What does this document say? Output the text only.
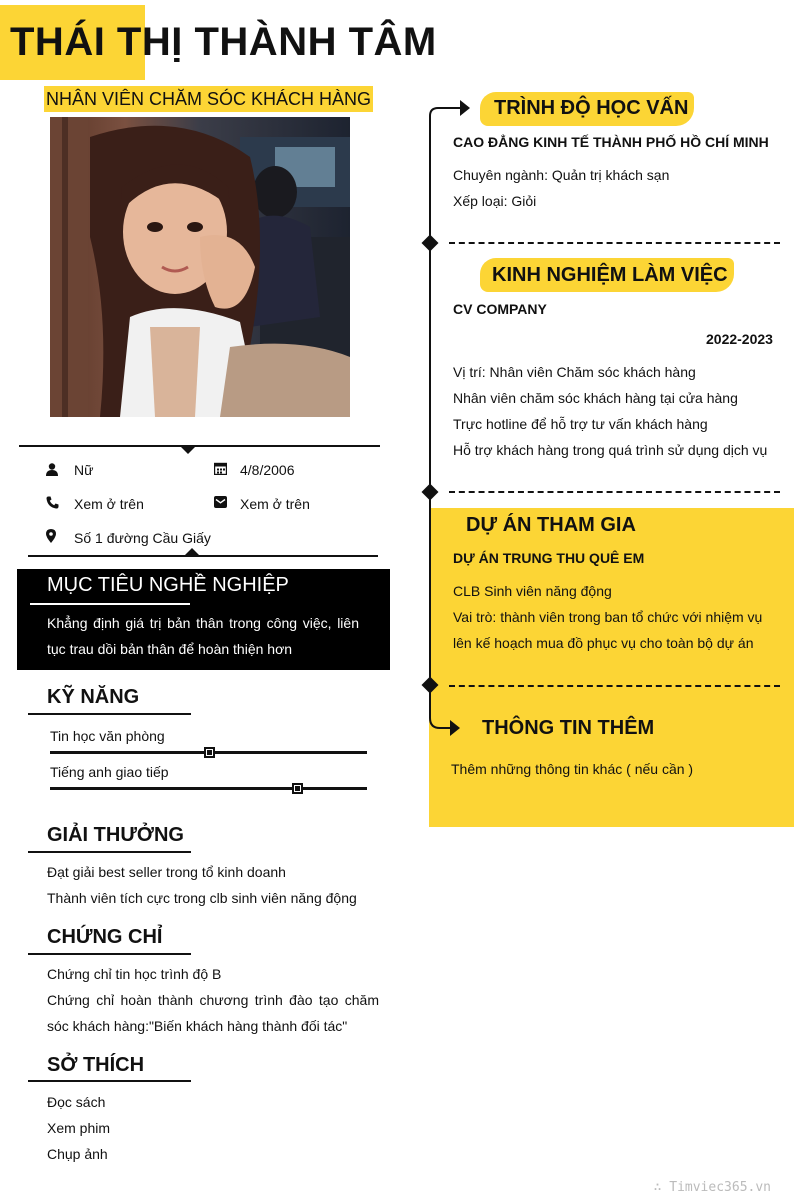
THÁI THỊ THÀNH TÂM
NHÂN VIÊN CHĂM SÓC KHÁCH HÀNG
Nữ	4/8/2006
Xem ở trên	Xem ở trên
Số 1 đường Cầu Giấy
MỤC TIÊU NGHỀ NGHIỆP
Khẳng định giá trị bản thân trong công việc, liên tục trau dồi bản thân để hoàn thiện hơn
KỸ NĂNG
Tin học văn phòng
Tiếng anh giao tiếp
GIẢI THƯỞNG
Đạt giải best seller trong tổ kinh doanh
Thành viên tích cực trong clb sinh viên năng động
CHỨNG CHỈ
Chứng chỉ tin học trình độ B
Chứng chỉ hoàn thành chương trình đào tạo chăm sóc khách hàng:"Biến khách hàng thành đối tác"
SỞ THÍCH
Đọc sách
Xem phim
Chụp ảnh
TRÌNH ĐỘ HỌC VẤN
CAO ĐẲNG KINH TẾ THÀNH PHỐ HỒ CHÍ MINH
Chuyên ngành: Quản trị khách sạn
Xếp loại: Giỏi
KINH NGHIỆM LÀM VIỆC
CV COMPANY
2022-2023
Vị trí: Nhân viên Chăm sóc khách hàng
Nhân viên chăm sóc khách hàng tại cửa hàng
Trực hotline để hỗ trợ tư vấn khách hàng
Hỗ trợ khách hàng trong quá trình sử dụng dịch vụ
DỰ ÁN THAM GIA
DỰ ÁN TRUNG THU QUÊ EM
CLB Sinh viên năng động
Vai trò: thành viên trong ban tổ chức với nhiệm vụ lên kế hoạch mua đồ phục vụ cho toàn bộ dự án
THÔNG TIN THÊM
Thêm những thông tin khác ( nếu cần )
∴ Timviec365.vn
